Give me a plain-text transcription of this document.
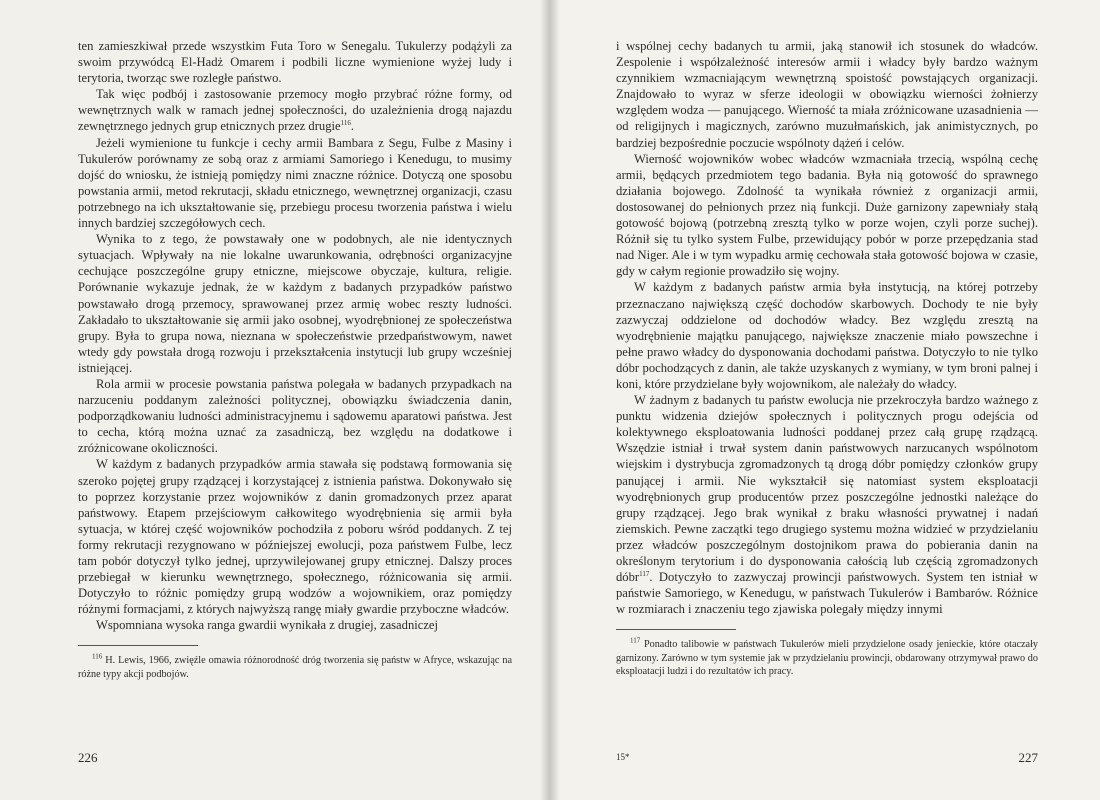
ten zamieszkiwał przede wszystkim Futa Toro w Senegalu. Tukulerzy podążyli za swoim przywódcą El-Hadż Omarem i podbili liczne wymienione wyżej ludy i terytoria, tworząc swe rozległe państwo.

Tak więc podbój i zastosowanie przemocy mogło przybrać różne formy, od wewnętrznych walk w ramach jednej społeczności, do uzależnienia drogą najazdu zewnętrznego jednych grup etnicznych przez drugie$^{116}$.

Jeżeli wymienione tu funkcje i cechy armii Bambara z Segu, Fulbe z Masiny i Tukulerów porównamy ze sobą oraz z armiami Samoriego i Kenedugu, to musimy dojść do wniosku, że istnieją pomiędzy nimi znaczne różnice. Dotyczą one sposobu powstania armii, metod rekrutacji, składu etnicznego, wewnętrznej organizacji, czasu potrzebnego na ich ukształtowanie się, przebiegu procesu tworzenia państwa i wielu innych bardziej szczegółowych cech.

Wynika to z tego, że powstawały one w podobnych, ale nie identycznych sytuacjach. Wpływały na nie lokalne uwarunkowania, odrębności organizacyjne cechujące poszczególne grupy etniczne, miejscowe obyczaje, kultura, religie. Porównanie wykazuje jednak, że w każdym z badanych przypadków państwo powstawało drogą przemocy, sprawowanej przez armię wobec reszty ludności. Zakładało to ukształtowanie się armii jako osobnej, wyodrębnionej ze społeczeństwa grupy. Była to grupa nowa, nieznana w społeczeństwie przedpaństwowym, nawet wtedy gdy powstała drogą rozwoju i przekształcenia instytucji lub grupy wcześniej istniejącej.

Rola armii w procesie powstania państwa polegała w badanych przypadkach na narzuceniu poddanym zależności politycznej, obowiązku świadczenia danin, podporządkowaniu ludności administracyjnemu i sądowemu aparatowi państwa. Jest to cecha, którą można uznać za zasadniczą, bez względu na dodatkowe i zróżnicowane okoliczności.

W każdym z badanych przypadków armia stawała się podstawą formowania się szeroko pojętej grupy rządzącej i korzystającej z istnienia państwa. Dokonywało się to poprzez korzystanie przez wojowników z danin gromadzonych przez aparat państwowy. Etapem przejściowym całkowitego wyodrębnienia się armii była sytuacja, w której część wojowników pochodziła z poboru wśród poddanych. Z tej formy rekrutacji rezygnowano w późniejszej ewolucji, poza państwem Fulbe, lecz tam pobór dotyczył tylko jednej, uprzywilejowanej grupy etnicznej. Dalszy proces przebiegał w kierunku wewnętrznego, społecznego, różnicowania się armii. Dotyczyło to różnic pomiędzy grupą wodzów a wojownikiem, oraz pomiędzy różnymi formacjami, z których najwyższą rangę miały gwardie przyboczne władców.

Wspomniana wysoka ranga gwardii wynikała z drugiej, zasadniczej

$^{116}$ H. Lewis, 1966, zwięźle omawia różnorodność dróg tworzenia się państw w Afryce, wskazując na różne typy akcji podbojów.

226

i wspólnej cechy badanych tu armii, jaką stanowił ich stosunek do władców. Zespolenie i współzależność interesów armii i władcy były bardzo ważnym czynnikiem wzmacniającym wewnętrzną spoistość powstających organizacji. Znajdowało to wyraz w sferze ideologii w obowiązku wierności żołnierzy względem wodza — panującego. Wierność ta miała zróżnicowane uzasadnienia — od religijnych i magicznych, zarówno muzułmańskich, jak animistycznych, po bardziej bezpośrednie poczucie wspólnoty dążeń i celów.

Wierność wojowników wobec władców wzmacniała trzecią, wspólną cechę armii, będących przedmiotem tego badania. Była nią gotowość do sprawnego działania bojowego. Zdolność ta wynikała również z organizacji armii, dostosowanej do pełnionych przez nią funkcji. Duże garnizony zapewniały stałą gotowość bojową (potrzebną zresztą tylko w porze wojen, czyli porze suchej). Różnił się tu tylko system Fulbe, przewidujący pobór w porze przepędzania stad nad Niger. Ale i w tym wypadku armię cechowała stała gotowość bojowa w czasie, gdy w całym regionie prowadziło się wojny.

W każdym z badanych państw armia była instytucją, na której potrzeby przeznaczano największą część dochodów skarbowych. Dochody te nie były zazwyczaj oddzielone od dochodów władcy. Bez względu zresztą na wyodrębnienie majątku panującego, największe znaczenie miało powszechne i pełne prawo władcy do dysponowania dochodami państwa. Dotyczyło to nie tylko dóbr pochodzących z danin, ale także uzyskanych z wymiany, w tym broni palnej i koni, które przydzielane były wojownikom, ale należały do władcy.

W żadnym z badanych tu państw ewolucja nie przekroczyła bardzo ważnego z punktu widzenia dziejów społecznych i politycznych progu odejścia od kolektywnego eksploatowania ludności poddanej przez całą grupę rządzącą. Wszędzie istniał i trwał system danin państwowych narzucanych wspólnotom wiejskim i dystrybucja zgromadzonych tą drogą dóbr pomiędzy członków grupy panującej i armii. Nie wykształcił się natomiast system eksploatacji wyodrębnionych grup producentów przez poszczególne jednostki należące do grupy rządzącej. Jego brak wynikał z braku własności prywatnej i nadań ziemskich. Pewne zaczątki tego drugiego systemu można widzieć w przydzielaniu przez władców poszczególnym dostojnikom prawa do pobierania danin na określonym terytorium i do dysponowania całością lub częścią zgromadzonych dóbr$^{117}$. Dotyczyło to zazwyczaj prowincji państwowych. System ten istniał w państwie Samoriego, w Kenedugu, w państwach Tukulerów i Bambarów. Różnice w rozmiarach i znaczeniu tego zjawiska polegały między innymi

$^{117}$ Ponadto talibowie w państwach Tukulerów mieli przydzielone osady jenieckie, które otaczały garnizony. Zarówno w tym systemie jak w przydzielaniu prowincji, obdarowany otrzymywał prawo do eksploatacji ludzi i do rezultatów ich pracy.

15*	227
